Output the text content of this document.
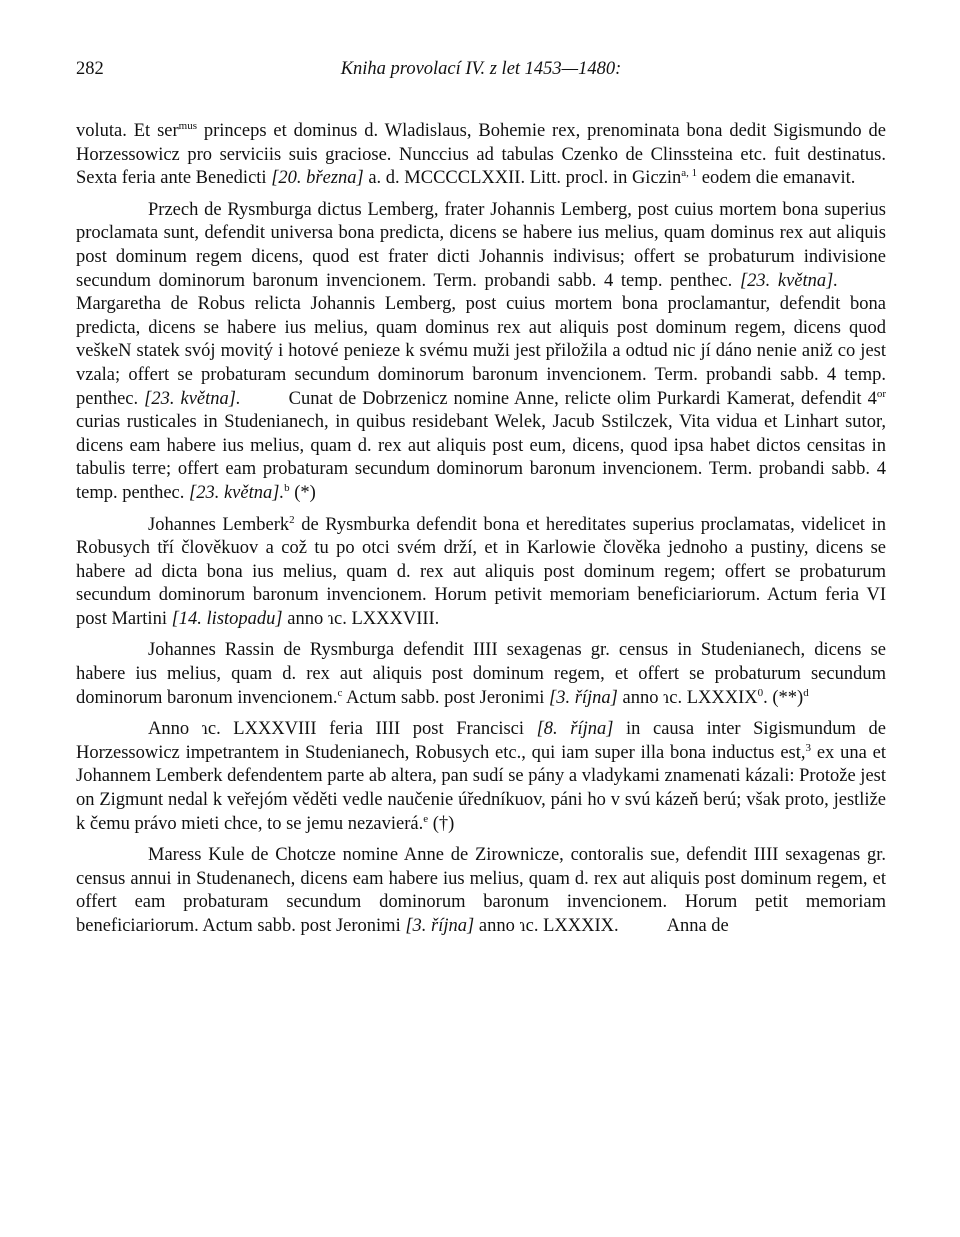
282	Kniha provolací IV. z let 1453—1480:

voluta. Et ser$^{mus}$ princeps et dominus d. Wladislaus, Bohemie rex, prenominata bona dedit Sigismundo de Horzessowicz pro serviciis suis graciose. Nunccius ad tabulas Czenko de Clinssteina etc. fuit destinatus. Sexta feria ante Benedicti [20. března] a. d. MCCCCLXXII. Litt. procl. in Giczin$^{a, 1}$ eodem die emanavit.

Przech de Rysmburga dictus Lemberg, frater Johannis Lemberg, post cuius mortem bona superius proclamata sunt, defendit universa bona predicta, dicens se habere ius melius, quam dominus rex aut aliquis post dominum regem dicens, quod est frater dicti Johannis indivisus; offert se probaturum indivisione secundum dominorum baronum invencionem. Term. probandi sabb. 4 temp. penthec. [23. května].Margaretha de Robus relicta Johannis Lemberg, post cuius mortem bona proclamantur, defendit bona predicta, dicens se habere ius melius, quam dominus rex aut aliquis post dominum regem, dicens quod veškeN statek svój movitý i hotové penieze k svému muži jest přiložila a odtud nic jí dáno nenie aniž co jest vzala; offert se probaturam secundum dominorum baronum invencionem. Term. probandi sabb. 4 temp. penthec. [23. května].	Cunat de Dobrzenicz nomine Anne, relicte olim Purkardi Kamerat, defendit 4$^{or}$ curias rusticales in Studenianech, in quibus residebant Welek, Jacub Sstilczek, Vita vidua et Linhart sutor, dicens eam habere ius melius, quam d. rex aut aliquis post eum, dicens, quod ipsa habet dictos censitas in tabulis terre; offert eam probaturam secundum dominorum baronum invencionem. Term. probandi sabb. 4 temp. penthec. [23. května].$^b$ (*)

Johannes Lemberk$^2$ de Rysmburka defendit bona et hereditates superius proclamatas, videlicet in Robusych tří člověkuov a což tu po otci svém drží, et in Karlowie člověka jednoho a pustiny, dicens se habere ad dicta bona ius melius, quam d. rex aut aliquis post dominum regem; offert se probaturum secundum dominorum baronum invencionem. Horum petivit memoriam beneficiariorum. Actum feria VI post Martini [14. listopadu] anno ɿc. LXXXVIII.

Johannes Rassin de Rysmburga defendit IIII sexagenas gr. census in Studenianech, dicens se habere ius melius, quam d. rex aut aliquis post dominum regem, et offert se probaturum secundum dominorum baronum invencionem.$^c$ Actum sabb. post Jeronimi [3. října] anno ɿc. LXXXIX$^0$. (**)$^d$

Anno ɿc. LXXXVIII feria IIII post Francisci [8. října] in causa inter Sigismundum de Horzessowicz impetrantem in Studenianech, Robusych etc., qui iam super illa bona inductus est,$^3$ ex una et Johannem Lemberk defendentem parte ab altera, pan sudí se pány a vladykami znamenati kázali: Protože jest on Zigmunt nedal k veřejóm věděti vedle naučenie úředníkuov, páni ho v svú kázeň berú; však proto, jestliže k čemu právo mieti chce, to se jemu nezavierá.$^e$ (†)

Maress Kule de Chotcze nomine Anne de Zirownicze, contoralis sue, defendit IIII sexagenas gr. census annui in Studenanech, dicens eam habere ius melius, quam d. rex aut aliquis post dominum regem, et offert eam probaturam secundum dominorum baronum invencionem. Horum petit memoriam beneficiariorum. Actum sabb. post Jeronimi [3. října] anno ɿc. LXXXIX.	Anna de
